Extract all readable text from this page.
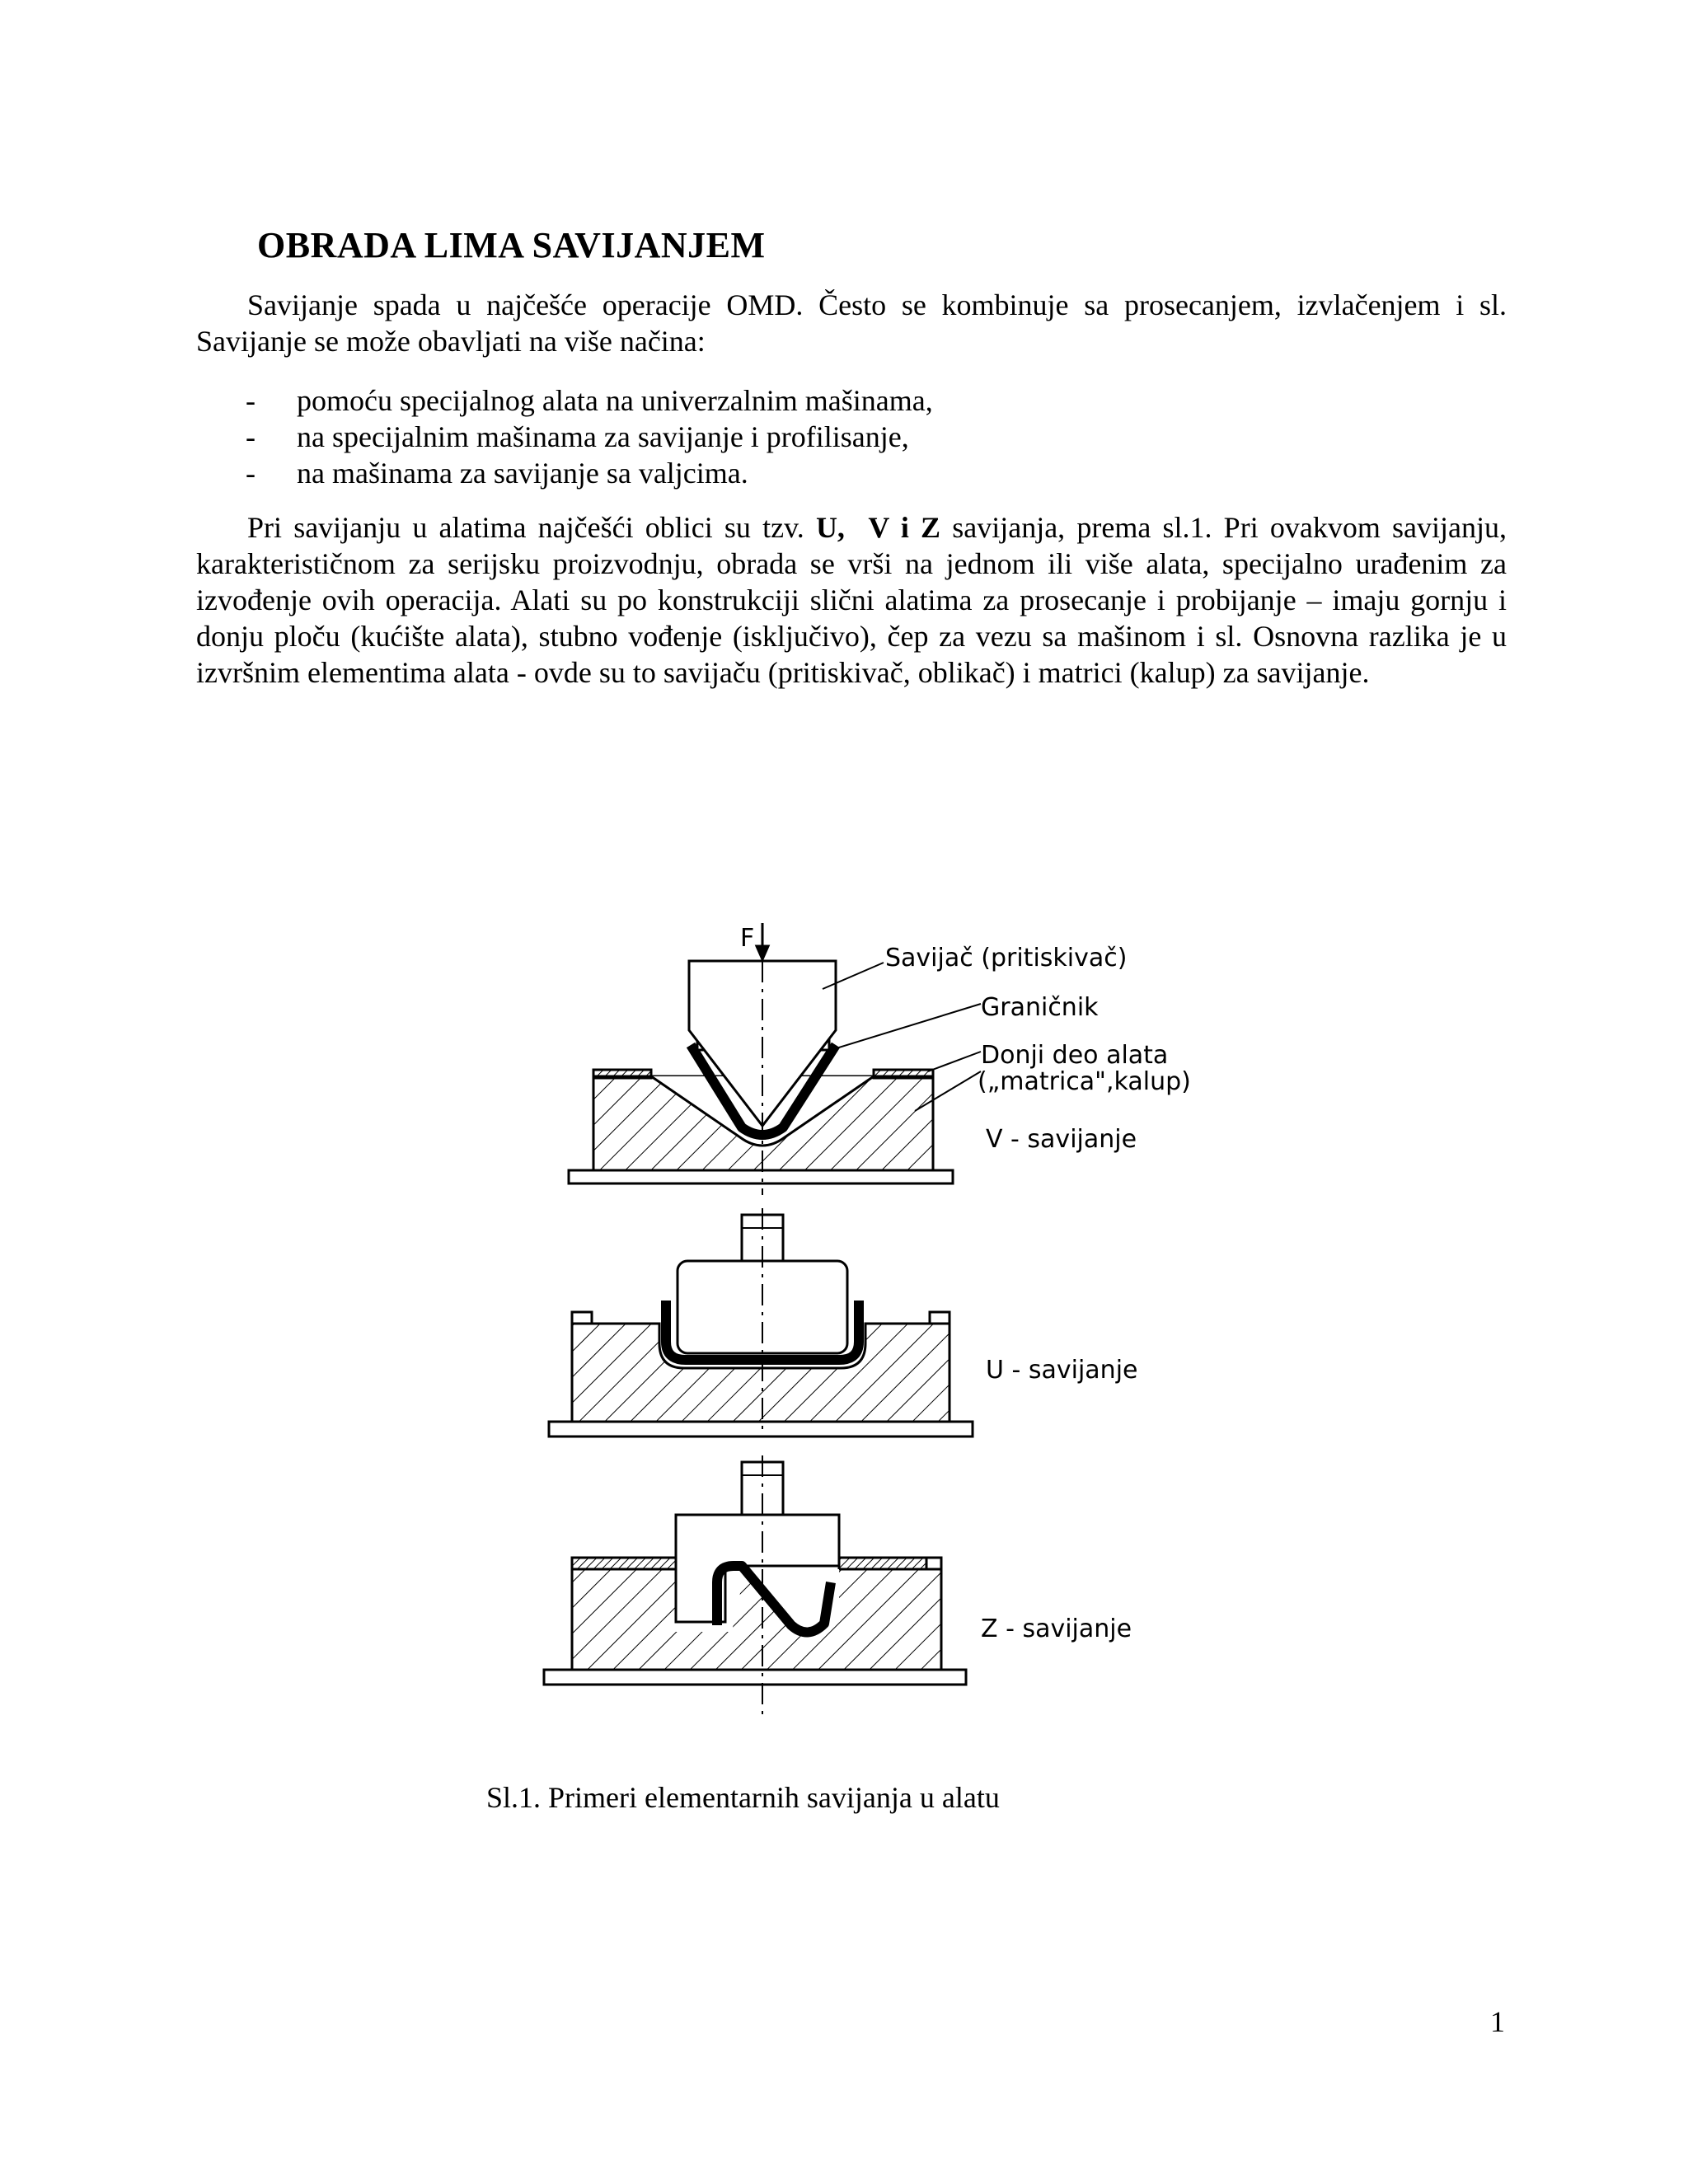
OBRADA LIMA SAVIJANJEM
Savijanje spada u najčešće operacije OMD. Često se kombinuje sa prosecanjem, izvlačenjem i sl. Savijanje se može obavljati na više načina:
- pomoću specijalnog alata na univerzalnim mašinama,
- na specijalnim mašinama za savijanje i profilisanje,
- na mašinama za savijanje sa valjcima.
Pri savijanju u alatima najčešći oblici su tzv. U, V i Z savijanja, prema sl.1. Pri ovakvom savijanju, karakterističnom za serijsku proizvodnju, obrada se vrši na jednom ili više alata, specijalno urađenim za izvođenje ovih operacija. Alati su po konstrukciji slični alatima za prosecanje i probijanje – imaju gornju i donju ploču (kućište alata), stubno vođenje (isključivo), čep za vezu sa mašinom i sl. Osnovna razlika je u izvršnim elementima alata - ovde su to savijaču (pritiskivač, oblikač) i matrici (kalup) za savijanje.
F
Savijač (pritiskivač)
Graničnik
Donji deo alata
(„matrica",kalup)
V - savijanje
U - savijanje
Z - savijanje
Sl.1. Primeri elementarnih savijanja u alatu
1
